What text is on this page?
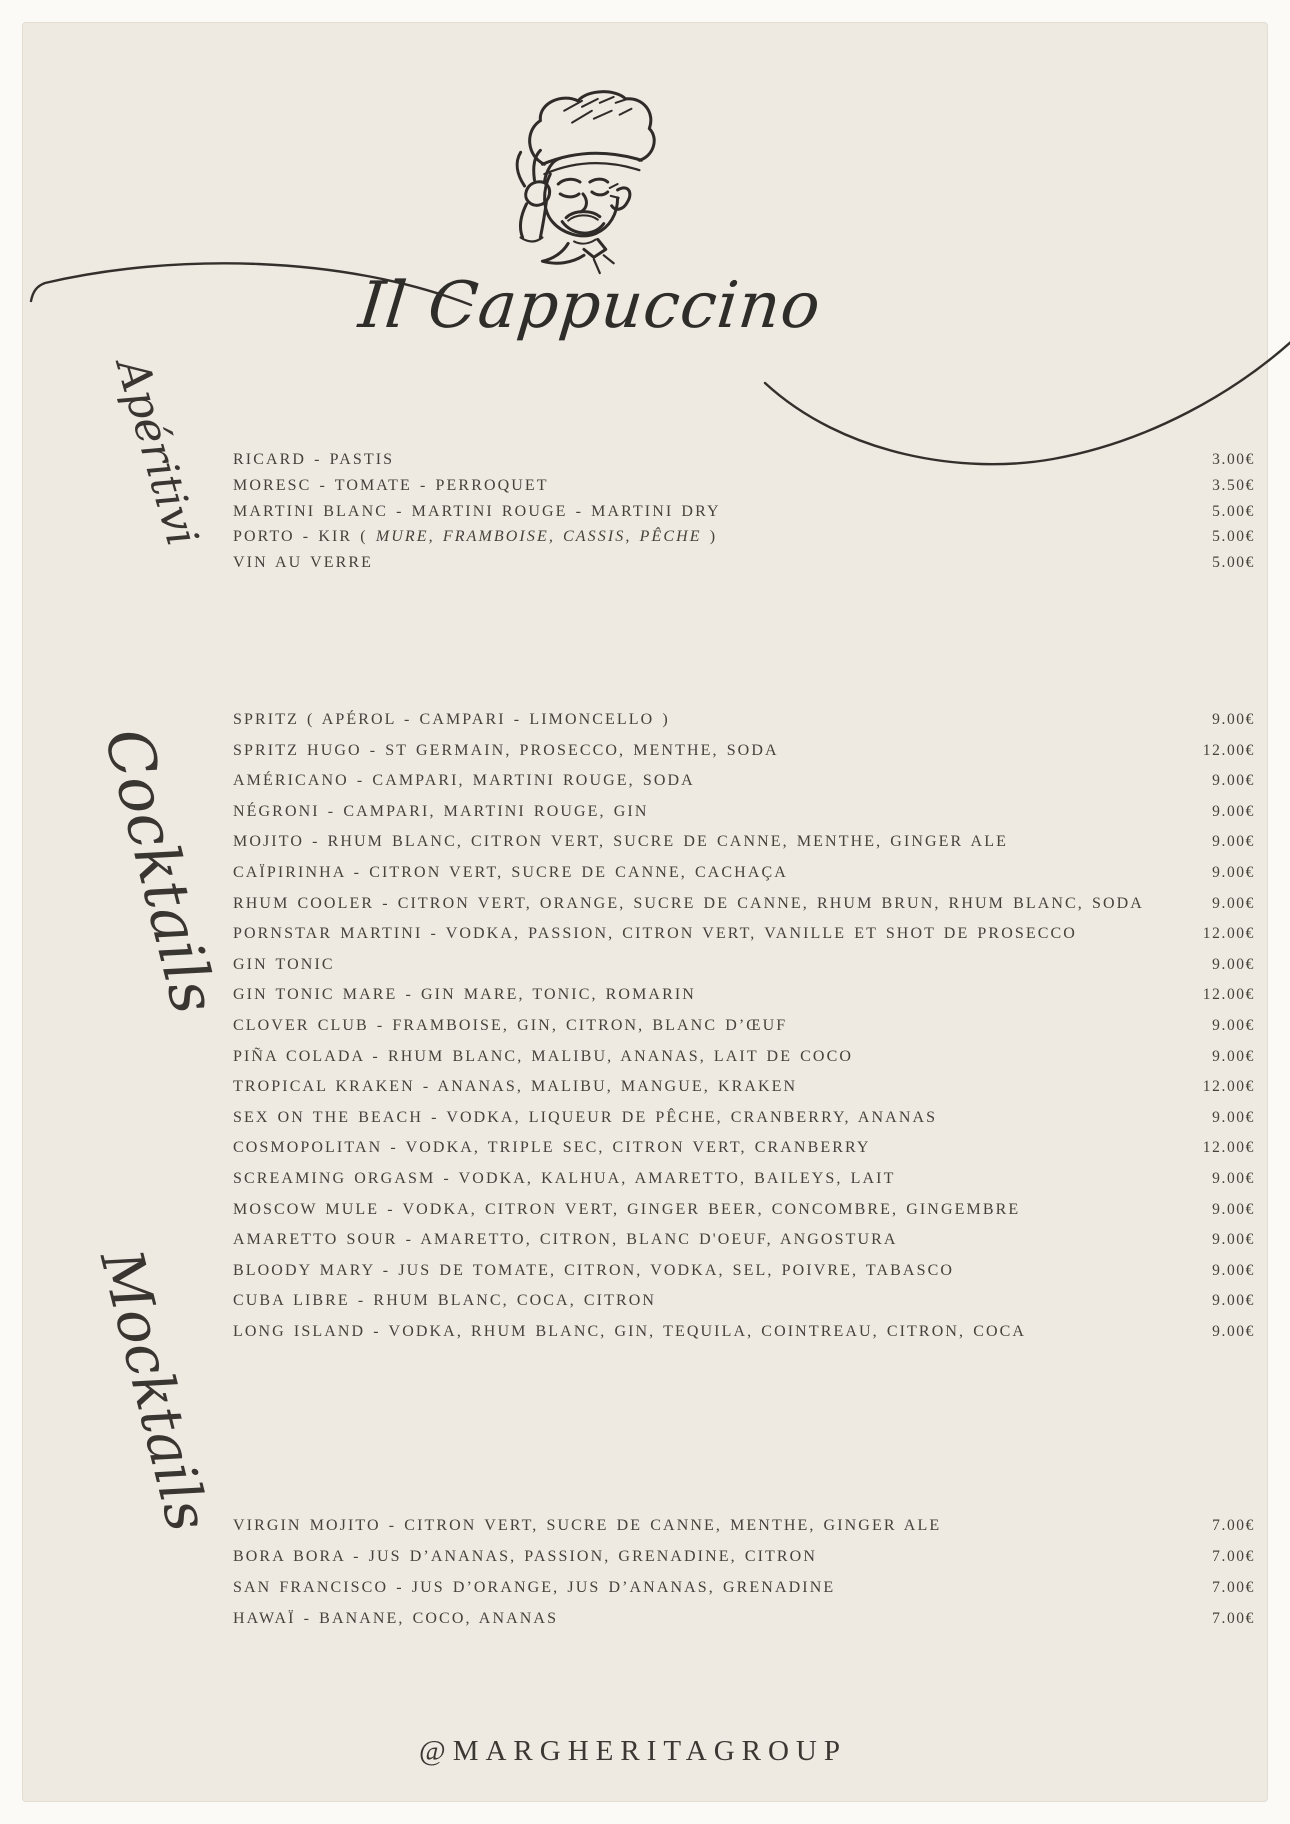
Il Cappuccino
Apéritivi
Cocktails
Mocktails
RICARD - PASTIS	3.00€
MORESC - TOMATE - PERROQUET	3.50€
MARTINI BLANC - MARTINI ROUGE - MARTINI DRY	5.00€
PORTO - KIR ( MURE, FRAMBOISE, CASSIS, PÊCHE )	5.00€
VIN AU VERRE	5.00€
SPRITZ ( APÉROL - CAMPARI - LIMONCELLO )	9.00€
SPRITZ HUGO - ST GERMAIN, PROSECCO, MENTHE, SODA	12.00€
AMÉRICANO - CAMPARI, MARTINI ROUGE, SODA	9.00€
NÉGRONI - CAMPARI, MARTINI ROUGE, GIN	9.00€
MOJITO - RHUM BLANC, CITRON VERT, SUCRE DE CANNE, MENTHE, GINGER ALE	9.00€
CAÏPIRINHA - CITRON VERT, SUCRE DE CANNE, CACHAÇA	9.00€
RHUM COOLER - CITRON VERT, ORANGE, SUCRE DE CANNE, RHUM BRUN, RHUM BLANC, SODA	9.00€
PORNSTAR MARTINI - VODKA, PASSION, CITRON VERT, VANILLE ET SHOT DE PROSECCO	12.00€
GIN TONIC	9.00€
GIN TONIC MARE - GIN MARE, TONIC, ROMARIN	12.00€
CLOVER CLUB - FRAMBOISE, GIN, CITRON, BLANC D’ŒUF	9.00€
PIÑA COLADA - RHUM BLANC, MALIBU, ANANAS, LAIT DE COCO	9.00€
TROPICAL KRAKEN - ANANAS, MALIBU, MANGUE, KRAKEN	12.00€
SEX ON THE BEACH - VODKA, LIQUEUR DE PÊCHE, CRANBERRY, ANANAS	9.00€
COSMOPOLITAN - VODKA, TRIPLE SEC, CITRON VERT, CRANBERRY	12.00€
SCREAMING ORGASM - VODKA, KALHUA, AMARETTO, BAILEYS, LAIT	9.00€
MOSCOW MULE - VODKA, CITRON VERT, GINGER BEER, CONCOMBRE, GINGEMBRE	9.00€
AMARETTO SOUR - AMARETTO, CITRON, BLANC D'OEUF, ANGOSTURA	9.00€
BLOODY MARY - JUS DE TOMATE, CITRON, VODKA, SEL, POIVRE, TABASCO	9.00€
CUBA LIBRE - RHUM BLANC, COCA, CITRON	9.00€
LONG ISLAND - VODKA, RHUM BLANC, GIN, TEQUILA, COINTREAU, CITRON, COCA	9.00€
VIRGIN MOJITO - CITRON VERT, SUCRE DE CANNE, MENTHE, GINGER ALE	7.00€
BORA BORA - JUS D’ANANAS, PASSION, GRENADINE, CITRON	7.00€
SAN FRANCISCO - JUS D’ORANGE, JUS D’ANANAS, GRENADINE	7.00€
HAWAÏ - BANANE, COCO, ANANAS	7.00€
@MARGHERITAGROUP
